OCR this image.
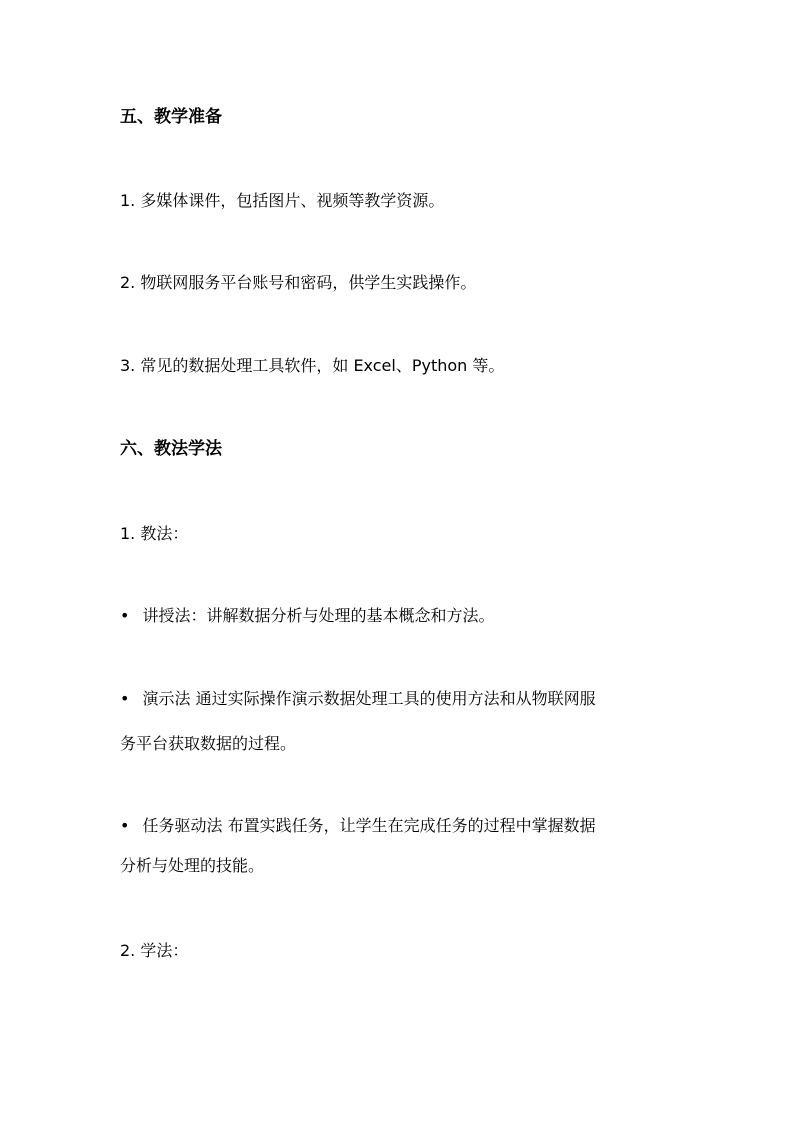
五、教学准备
1. 多媒体课件，包括图片、视频等教学资源。
2. 物联网服务平台账号和密码，供学生实践操作。
3. 常见的数据处理工具软件，如 Excel、Python 等。
六、教法学法
1. 教法：
• 讲授法：讲解数据分析与处理的基本概念和方法。
• 演示法 通过实际操作演示数据处理工具的使用方法和从物联网服
务平台获取数据的过程。
• 任务驱动法 布置实践任务，让学生在完成任务的过程中掌握数据
分析与处理的技能。
2. 学法：
